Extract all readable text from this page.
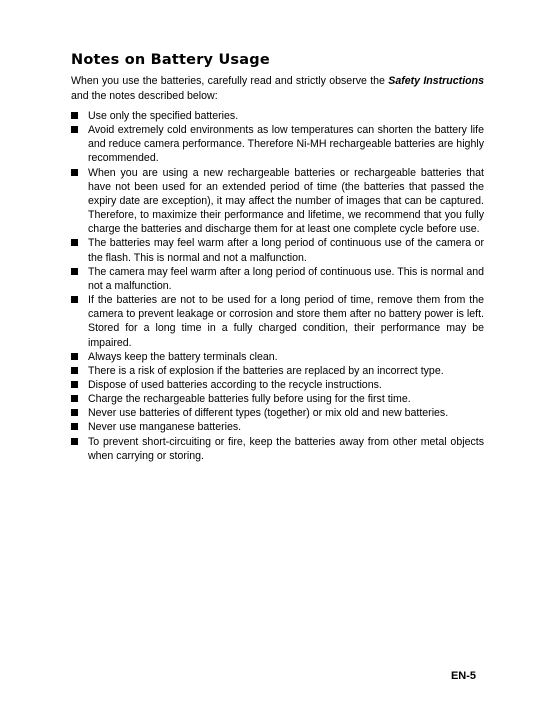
Notes on Battery Usage

When you use the batteries, carefully read and strictly observe the Safety Instructions and the notes described below:

Use only the specified batteries.
Avoid extremely cold environments as low temperatures can shorten the battery life and reduce camera performance. Therefore Ni-MH rechargeable batteries are highly recommended.
When you are using a new rechargeable batteries or rechargeable batteries that have not been used for an extended period of time (the batteries that passed the expiry date are exception), it may affect the number of images that can be captured. Therefore, to maximize their performance and lifetime, we recommend that you fully charge the batteries and discharge them for at least one complete cycle before use.
The batteries may feel warm after a long period of continuous use of the camera or the flash. This is normal and not a malfunction.
The camera may feel warm after a long period of continuous use. This is normal and not a malfunction.
If the batteries are not to be used for a long period of time, remove them from the camera to prevent leakage or corrosion and store them after no battery power is left. Stored for a long time in a fully charged condition, their performance may be impaired.
Always keep the battery terminals clean.
There is a risk of explosion if the batteries are replaced by an incorrect type.
Dispose of used batteries according to the recycle instructions.
Charge the rechargeable batteries fully before using for the first time.
Never use batteries of different types (together) or mix old and new batteries.
Never use manganese batteries.
To prevent short-circuiting or fire, keep the batteries away from other metal objects when carrying or storing.
EN-5
